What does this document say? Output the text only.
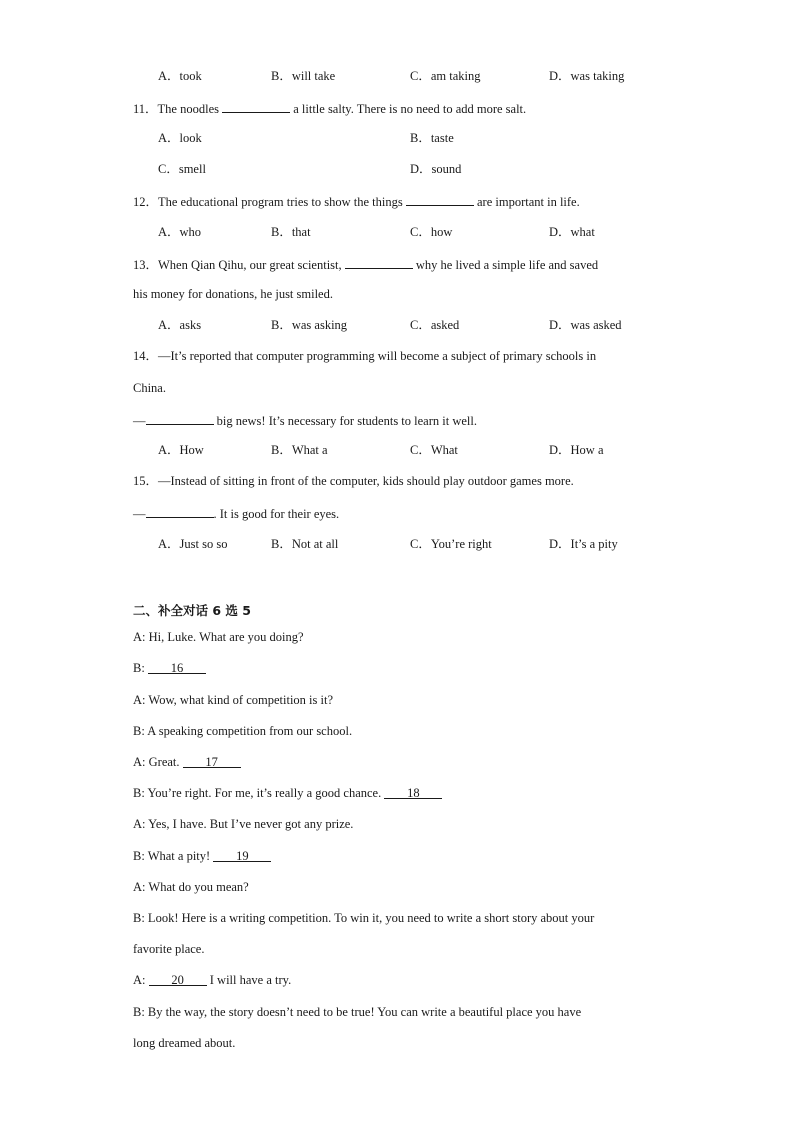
A．took	B．will take	C．am taking	D．was taking
11．The noodles	a little salty. There is no need to add more salt.
A．look	B．taste
C．smell	D．sound
12．The educational program tries to show the things	are important in life.
A．who	B．that	C．how	D．what
13．When Qian Qihu, our great scientist,	why he lived a simple life and saved
his money for donations, he just smiled.
A．asks	B．was asking	C．asked	D．was asked
14．—It’s reported that computer programming will become a subject of primary schools in
China.
—	big news! It’s necessary for students to learn it well.
A．How	B．What a	C．What	D．How a
15．—Instead of sitting in front of the computer, kids should play outdoor games more.
—	. It is good for their eyes.
A．Just so so	B．Not at all	C．You’re right	D．It’s a pity
二、补全对话 6 选 5
A: Hi, Luke. What are you doing?
B: 16
A: Wow, what kind of competition is it?
B: A speaking competition from our school.
A: Great. 17
B: You’re right. For me, it’s really a good chance. 18
A: Yes, I have. But I’ve never got any prize.
B: What a pity! 19
A: What do you mean?
B: Look! Here is a writing competition. To win it, you need to write a short story about your
favorite place.
A: 20 I will have a try.
B: By the way, the story doesn’t need to be true! You can write a beautiful place you have
long dreamed about.
